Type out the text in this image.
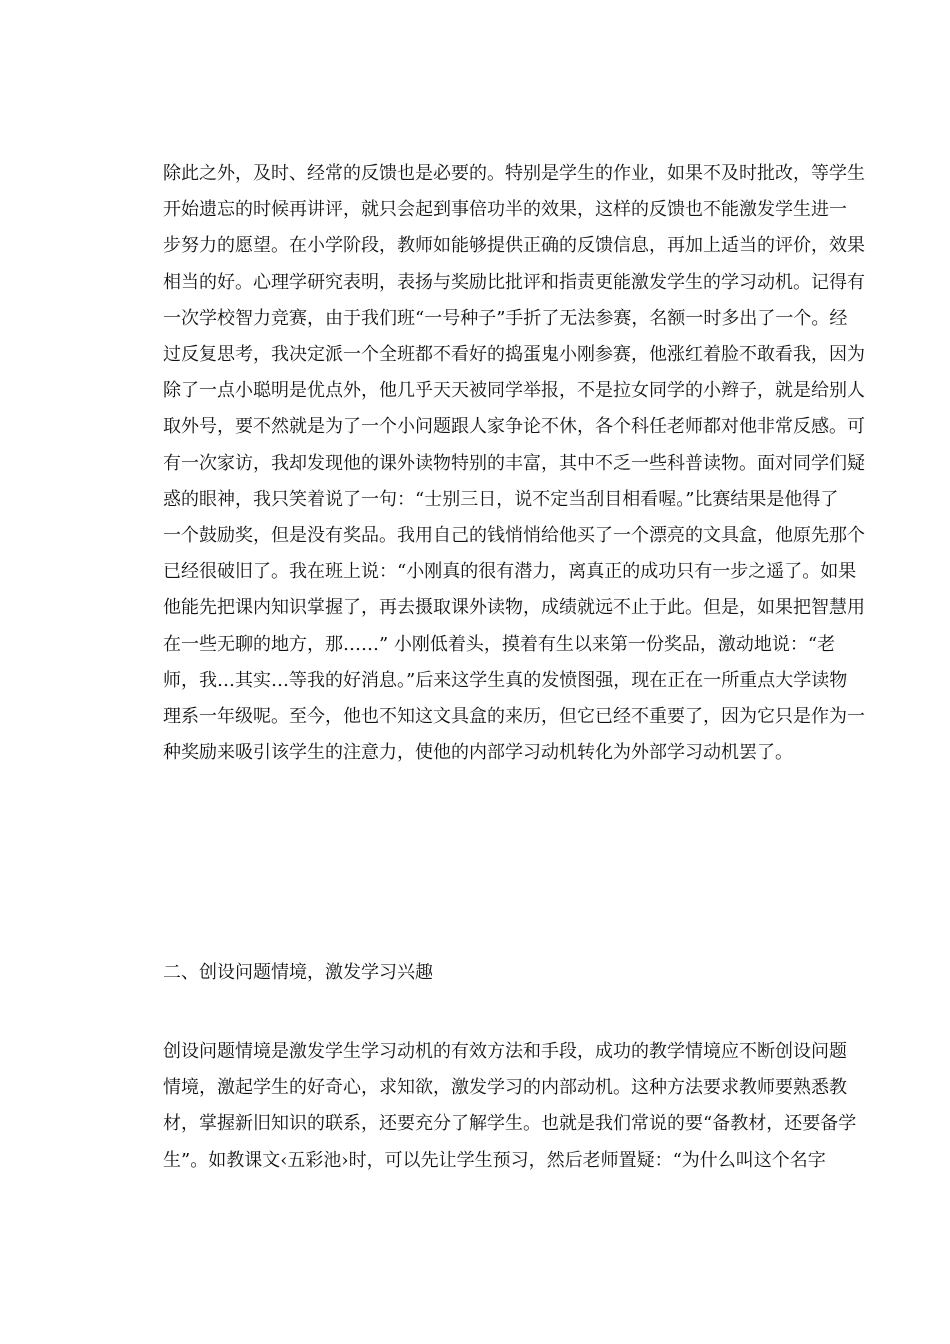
除此之外，及时、经常的反馈也是必要的。特别是学生的作业，如果不及时批改，等学生
开始遗忘的时候再讲评，就只会起到事倍功半的效果，这样的反馈也不能激发学生进一
步努力的愿望。在小学阶段，教师如能够提供正确的反馈信息，再加上适当的评价，效果
相当的好。心理学研究表明，表扬与奖励比批评和指责更能激发学生的学习动机。记得有
一次学校智力竞赛，由于我们班“一号种子”手折了无法参赛，名额一时多出了一个。经
过反复思考，我决定派一个全班都不看好的捣蛋鬼小刚参赛，他涨红着脸不敢看我，因为
除了一点小聪明是优点外，他几乎天天被同学举报，不是拉女同学的小辫子，就是给别人
取外号，要不然就是为了一个小问题跟人家争论不休，各个科任老师都对他非常反感。可
有一次家访，我却发现他的课外读物特别的丰富，其中不乏一些科普读物。面对同学们疑
惑的眼神，我只笑着说了一句：“士别三日，说不定当刮目相看喔。”比赛结果是他得了
一个鼓励奖，但是没有奖品。我用自己的钱悄悄给他买了一个漂亮的文具盒，他原先那个
已经很破旧了。我在班上说：“小刚真的很有潜力，离真正的成功只有一步之遥了。如果
他能先把课内知识掌握了，再去摄取课外读物，成绩就远不止于此。但是，如果把智慧用
在一些无聊的地方，那……” 小刚低着头，摸着有生以来第一份奖品，激动地说：“老
师，我…其实…等我的好消息。”后来这学生真的发愤图强，现在正在一所重点大学读物
理系一年级呢。至今，他也不知这文具盒的来历，但它已经不重要了，因为它只是作为一
种奖励来吸引该学生的注意力，使他的内部学习动机转化为外部学习动机罢了。
二、创设问题情境，激发学习兴趣
创设问题情境是激发学生学习动机的有效方法和手段，成功的教学情境应不断创设问题
情境，激起学生的好奇心，求知欲，激发学习的内部动机。这种方法要求教师要熟悉教
材，掌握新旧知识的联系，还要充分了解学生。也就是我们常说的要“备教材，还要备学
生”。如教课文‹五彩池›时，可以先让学生预习，然后老师置疑：“为什么叫这个名字
